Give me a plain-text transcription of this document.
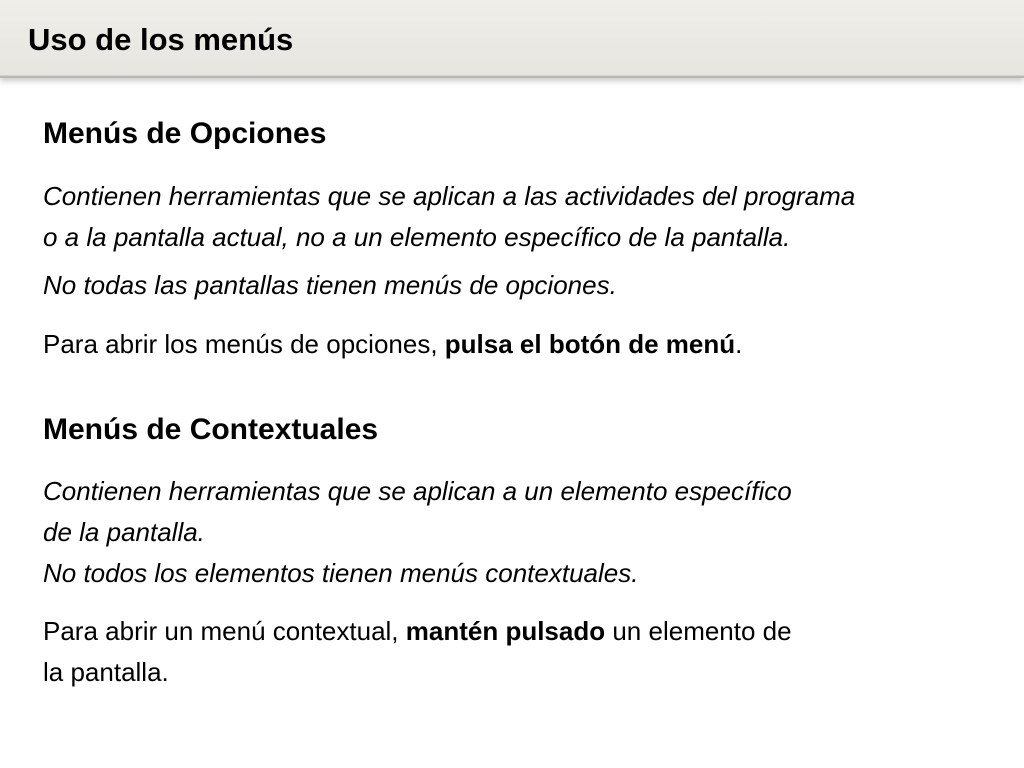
Uso de los menús
Menús de Opciones
Contienen herramientas que se aplican a las actividades del programa
o a la pantalla actual, no a un elemento específico de la pantalla.
No todas las pantallas tienen menús de opciones.
Para abrir los menús de opciones, pulsa el botón de menú.
Menús de Contextuales
Contienen herramientas que se aplican a un elemento específico
de la pantalla.
No todos los elementos tienen menús contextuales.
Para abrir un menú contextual, mantén pulsado un elemento de
la pantalla.
